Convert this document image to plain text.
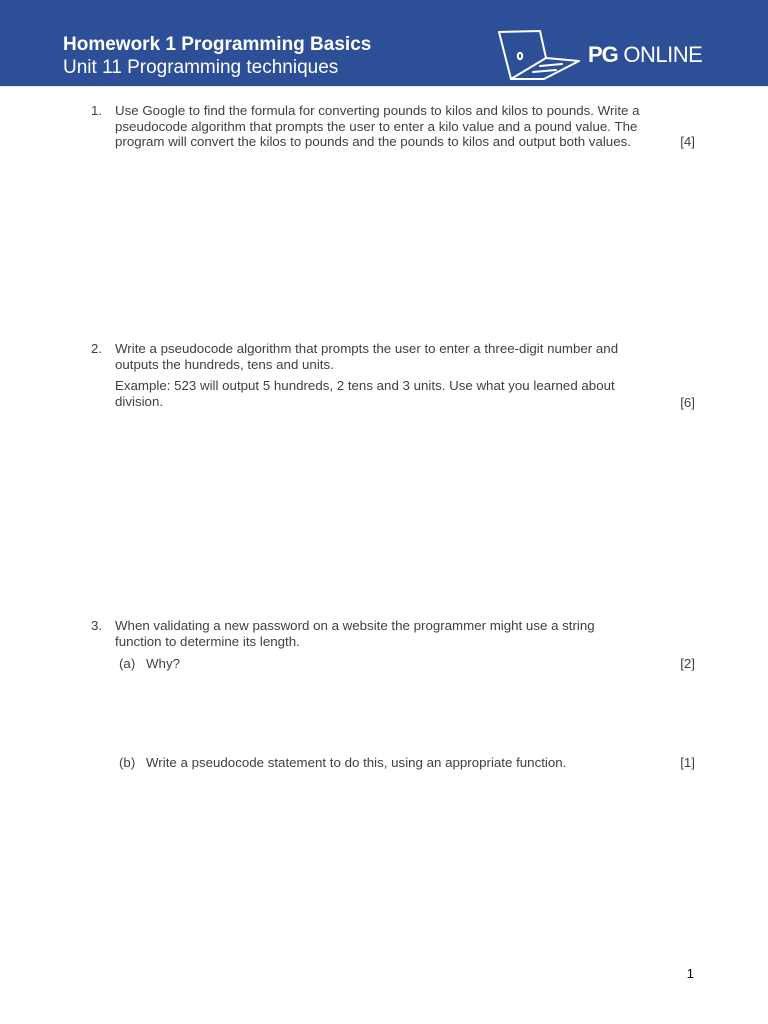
Homework 1 Programming Basics
Unit 11 Programming techniques
PG ONLINE
1. Use Google to find the formula for converting pounds to kilos and kilos to pounds. Write a

pseudocode algorithm that prompts the user to enter a kilo value and a pound value. The

program will convert the kilos to pounds and the pounds to kilos and output both values.	[4]
2. Write a pseudocode algorithm that prompts the user to enter a three-digit number and

outputs the hundreds, tens and units.

Example: 523 will output 5 hundreds, 2 tens and 3 units. Use what you learned about

division.	[6]
3. When validating a new password on a website the programmer might use a string

function to determine its length.

(a) Why?	[2]
(b) Write a pseudocode statement to do this, using an appropriate function.	[1]
1
